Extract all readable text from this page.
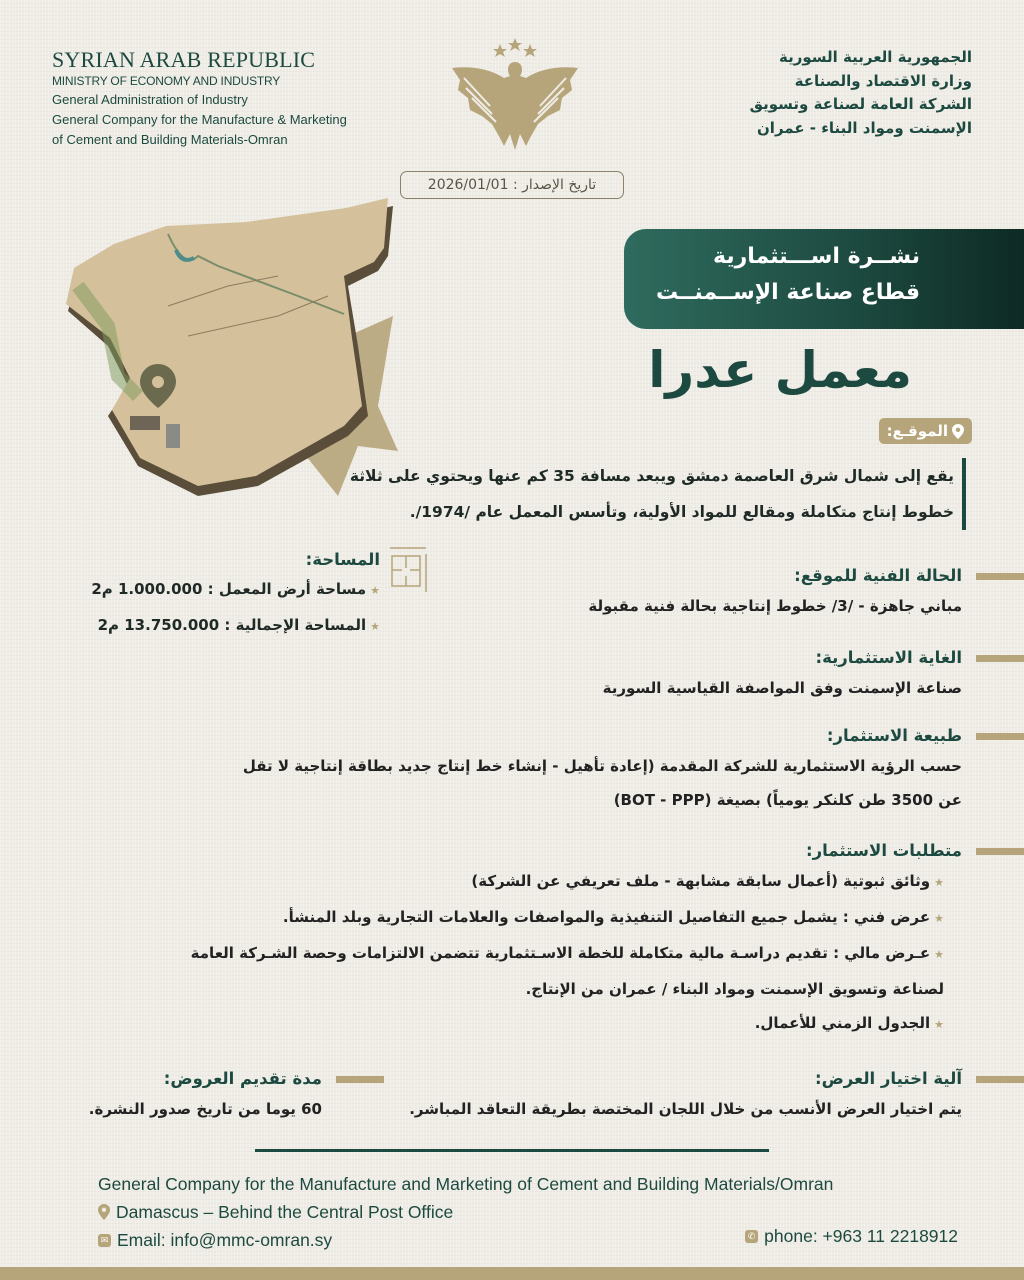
SYRIAN ARAB REPUBLIC
MINISTRY OF ECONOMY AND INDUSTRY
General Administration of Industry
General Company for the Manufacture & Marketing
of Cement and Building Materials-Omran
الجمهورية العربية السورية
وزارة الاقتصاد والصناعة
الشركة العامة لصناعة وتسويق
الإسمنت ومواد البناء - عمران
تاريخ الإصدار : 2026/01/01
نشــرة اســـتثمارية
قطاع صناعة الإســمنــت
معمل عدرا
الموقـع:
يقع إلى شمال شرق العاصمة دمشق ويبعد مسافة 35 كم عنها ويحتوي على ثلاثة خطوط إنتاج متكاملة ومقالع للمواد الأولية، وتأسس المعمل عام /1974/.
المساحة:
★مساحة أرض المعمل : 1.000.000 م2
★المساحة الإجمالية : 13.750.000 م2
الحالة الفنية للموقع:
مباني جاهزة - /3/ خطوط إنتاجية بحالة فنية مقبولة
الغاية الاستثمارية:
صناعة الإسمنت وفق المواصفة القياسية السورية
طبيعة الاستثمار:
حسب الرؤية الاستثمارية للشركة المقدمة (إعادة تأهيل - إنشاء خط إنتاج جديد بطاقة إنتاجية لا تقل
عن 3500 طن كلنكر يومياً) بصيغة (BOT - PPP)
متطلبات الاستثمار:
★وثائق ثبوتية (أعمال سابقة مشابهة - ملف تعريفي عن الشركة)
★عرض فني : يشمل جميع التفاصيل التنفيذية والمواصفات والعلامات التجارية وبلد المنشأ.
★عـرض مالي : تقديم دراسـة مالية متكاملة للخطة الاسـتثمارية تتضمن الالتزامات وحصة الشـركة العامة
لصناعة وتسويق الإسمنت ومواد البناء / عمران من الإنتاج.
★الجدول الزمني للأعمال.
آلية اختيار العرض:
يتم اختيار العرض الأنسب من خلال اللجان المختصة بطريقة التعاقد المباشر.
مدة تقديم العروض:
60 يوما من تاريخ صدور النشرة.
General Company for the Manufacture and Marketing of Cement and Building Materials/Omran
Damascus – Behind the Central Post Office
✉ Email: info@mmc-omran.sy	✆ phone: +963 11 2218912
